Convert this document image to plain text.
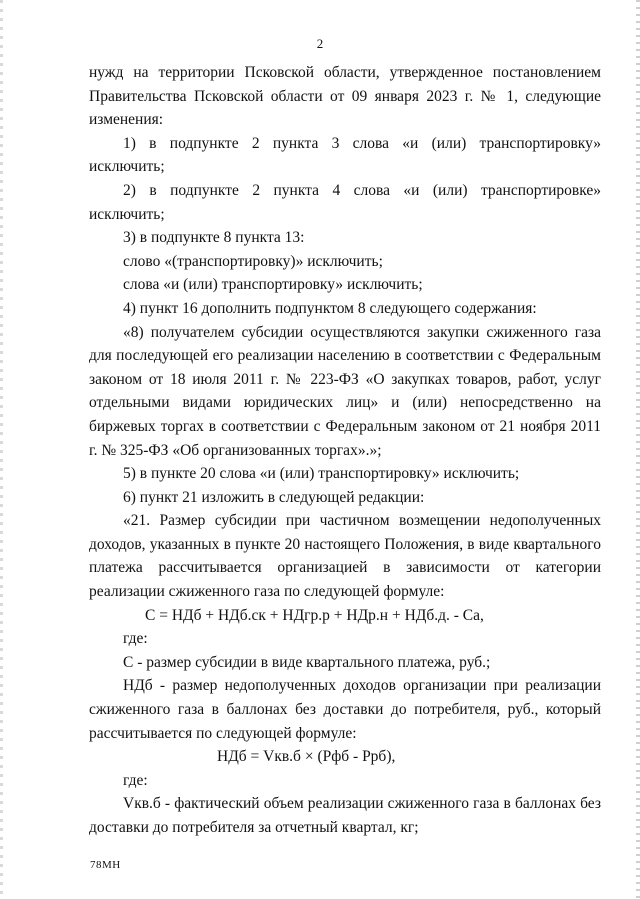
2

нужд на территории Псковской области, утвержденное постановлением

Правительства Псковской области от 09 января 2023 г. № 1, следующие

изменения:

1) в подпункте 2 пункта 3 слова «и (или) транспортировку»

исключить;

2) в подпункте 2 пункта 4 слова «и (или) транспортировке»

исключить;

3) в подпункте 8 пункта 13:

слово «(транспортировку)» исключить;

слова «и (или) транспортировку» исключить;

4) пункт 16 дополнить подпунктом 8 следующего содержания:

«8) получателем субсидии осуществляются закупки сжиженного газа для последующей его реализации населению в соответствии с Федеральным законом от 18 июля 2011 г. № 223-ФЗ «О закупках товаров, работ, услуг отдельными видами юридических лиц» и (или) непосредственно на биржевых торгах в соответствии с Федеральным законом от 21 ноября 2011 г. № 325-ФЗ «Об организованных торгах».»;

5) в пункте 20 слова «и (или) транспортировку» исключить;

6) пункт 21 изложить в следующей редакции:

«21. Размер субсидии при частичном возмещении недополученных доходов, указанных в пункте 20 настоящего Положения, в виде квартального платежа рассчитывается организацией в зависимости от категории реализации сжиженного газа по следующей формуле:

С = НДб + НДб.ск + НДгр.р + НДр.н + НДб.д. - Са,

где:

С - размер субсидии в виде квартального платежа, руб.;

НДб - размер недополученных доходов организации при реализации сжиженного газа в баллонах без доставки до потребителя, руб., который рассчитывается по следующей формуле:

НДб = Vкв.б × (Рфб - Ррб),

где:

Vкв.б - фактический объем реализации сжиженного газа в баллонах без доставки до потребителя за отчетный квартал, кг;

78МН
